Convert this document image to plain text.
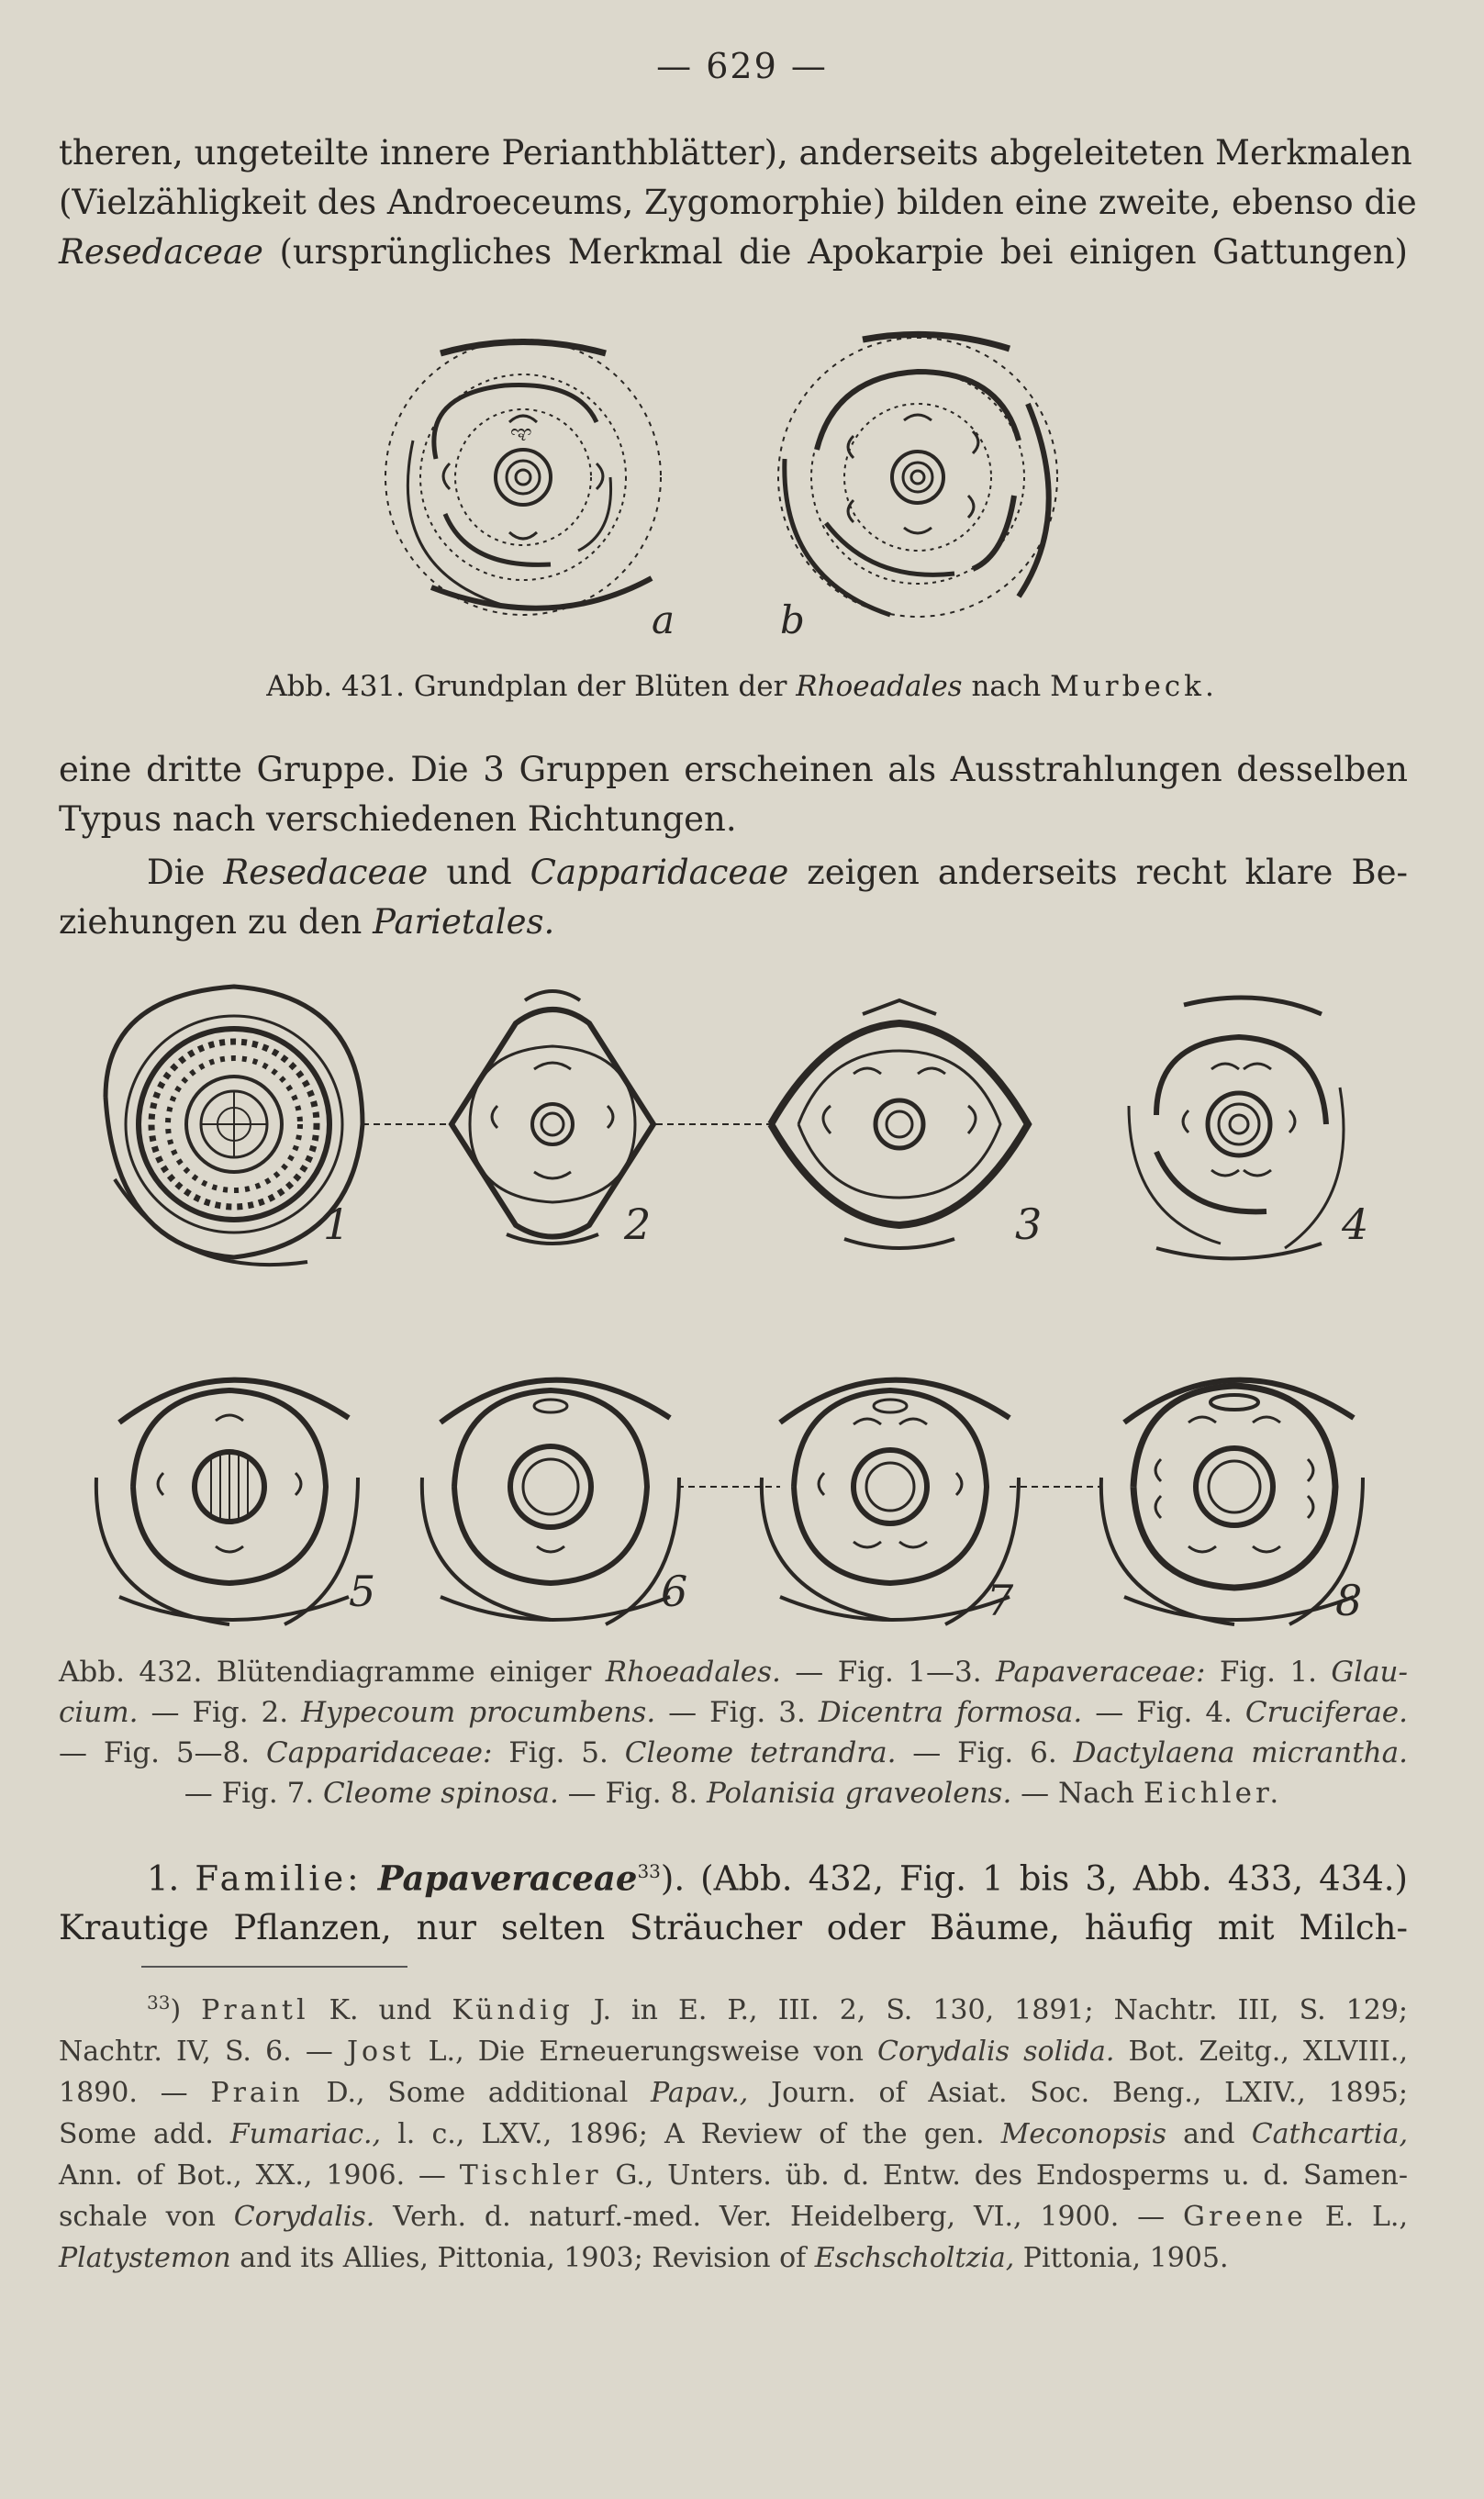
— 629 —
theren, ungeteilte innere Perianthblätter), anderseits abgeleiteten Merkmalen
(Vielzähligkeit des Androeceums, Zygomorphie) bilden eine zweite, ebenso die
Resedaceae (ursprüngliches Merkmal die Apokarpie bei einigen Gattungen)
ಞ
a	b
Abb. 431. Grundplan der Blüten der Rhoeadales nach Murbeck.
eine dritte Gruppe. Die 3 Gruppen erscheinen als Ausstrahlungen desselben
Typus nach verschiedenen Richtungen.
Die Resedaceae und Capparidaceae zeigen anderseits recht klare Be-
ziehungen zu den Parietales.
1	2	3	4
5	6	7	8
Abb. 432. Blütendiagramme einiger Rhoeadales. — Fig. 1—3. Papaveraceae: Fig. 1. Glau-
cium. — Fig. 2. Hypecoum procumbens. — Fig. 3. Dicentra formosa. — Fig. 4. Cruciferae.
— Fig. 5—8. Capparidaceae: Fig. 5. Cleome tetrandra. — Fig. 6. Dactylaena micrantha.
— Fig. 7. Cleome spinosa. — Fig. 8. Polanisia graveolens. — Nach Eichler.
1. Familie: Papaveraceae$^{33}$). (Abb. 432, Fig. 1 bis 3, Abb. 433, 434.)
Krautige Pflanzen, nur selten Sträucher oder Bäume, häufig mit Milch-
$^{33}$) Prantl K. und Kündig J. in E. P., III. 2, S. 130, 1891; Nachtr. III, S. 129;
Nachtr. IV, S. 6. — Jost L., Die Erneuerungsweise von Corydalis solida. Bot. Zeitg., XLVIII.,
1890. — Prain D., Some additional Papav., Journ. of Asiat. Soc. Beng., LXIV., 1895;
Some add. Fumariac., l. c., LXV., 1896; A Review of the gen. Meconopsis and Cathcartia,
Ann. of Bot., XX., 1906. — Tischler G., Unters. üb. d. Entw. des Endosperms u. d. Samen-
schale von Corydalis. Verh. d. naturf.-med. Ver. Heidelberg, VI., 1900. — Greene E. L.,
Platystemon and its Allies, Pittonia, 1903; Revision of Eschscholtzia, Pittonia, 1905.
